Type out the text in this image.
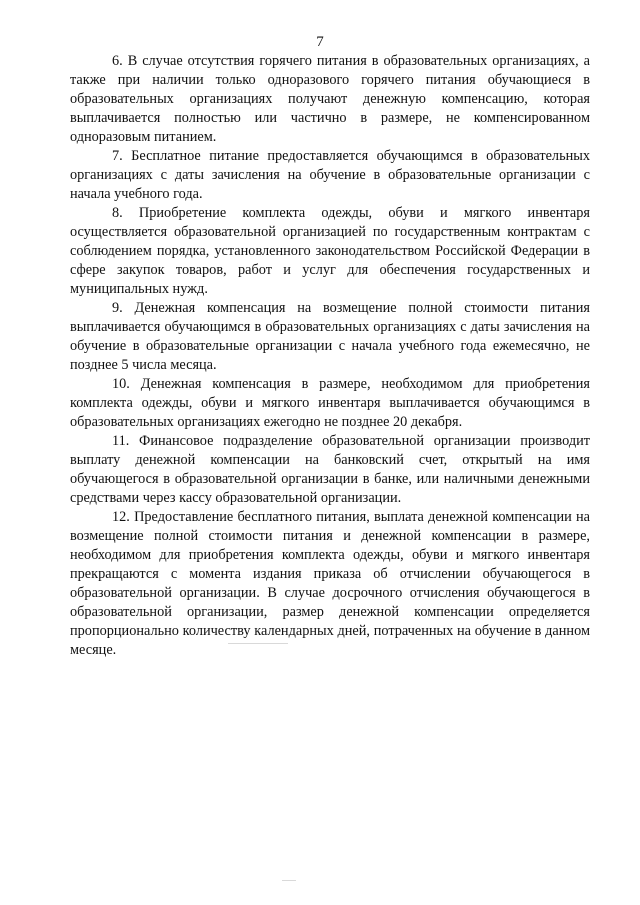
7

6. В случае отсутствия горячего питания в образовательных организациях, а также при наличии только одноразового горячего питания обучающиеся в образовательных организациях получают денежную компенсацию, которая выплачивается полностью или частично в размере, не компенсированном одноразовым питанием.

7. Бесплатное питание предоставляется обучающимся в образовательных организациях с даты зачисления на обучение в образовательные организации с начала учебного года.

8. Приобретение комплекта одежды, обуви и мягкого инвентаря осуществляется образовательной организацией по государственным контрактам с соблюдением порядка, установленного законодательством Российской Федерации в сфере закупок товаров, работ и услуг для обеспечения государственных и муниципальных нужд.

9. Денежная компенсация на возмещение полной стоимости питания выплачивается обучающимся в образовательных организациях с даты зачисления на обучение в образовательные организации с начала учебного года ежемесячно, не позднее 5 числа месяца.

10. Денежная компенсация в размере, необходимом для приобретения комплекта одежды, обуви и мягкого инвентаря выплачивается обучающимся в образовательных организациях ежегодно не позднее 20 декабря.

11. Финансовое подразделение образовательной организации производит выплату денежной компенсации на банковский счет, открытый на имя обучающегося в образовательной организации в банке, или наличными денежными средствами через кассу образовательной организации.

12. Предоставление бесплатного питания, выплата денежной компенсации на возмещение полной стоимости питания и денежной компенсации в размере, необходимом для приобретения комплекта одежды, обуви и мягкого инвентаря прекращаются с момента издания приказа об отчислении обучающегося в образовательной организации. В случае досрочного отчисления обучающегося в образовательной организации, размер денежной компенсации определяется пропорционально количеству календарных дней, потраченных на обучение в данном месяце.
